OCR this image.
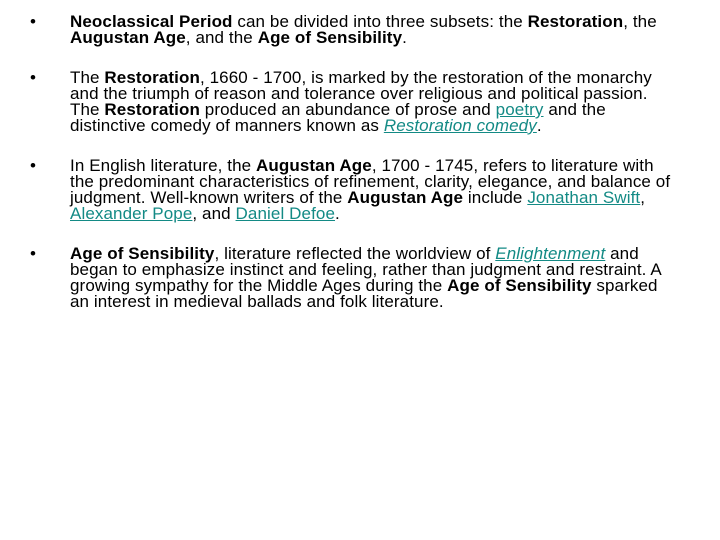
• Neoclassical Period can be divided into three subsets: the Restoration, the Augustan Age, and the Age of Sensibility.
• The Restoration, 1660 - 1700, is marked by the restoration of the monarchy and the triumph of reason and tolerance over religious and political passion. The Restoration produced an abundance of prose and poetry and the distinctive comedy of manners known as Restoration comedy.
• In English literature, the Augustan Age, 1700 - 1745, refers to literature with the predominant characteristics of refinement, clarity, elegance, and balance of judgment. Well-known writers of the Augustan Age include Jonathan Swift, Alexander Pope, and Daniel Defoe.
• Age of Sensibility, literature reflected the worldview of Enlightenment and began to emphasize instinct and feeling, rather than judgment and restraint. A growing sympathy for the Middle Ages during the Age of Sensibility sparked an interest in medieval ballads and folk literature.
